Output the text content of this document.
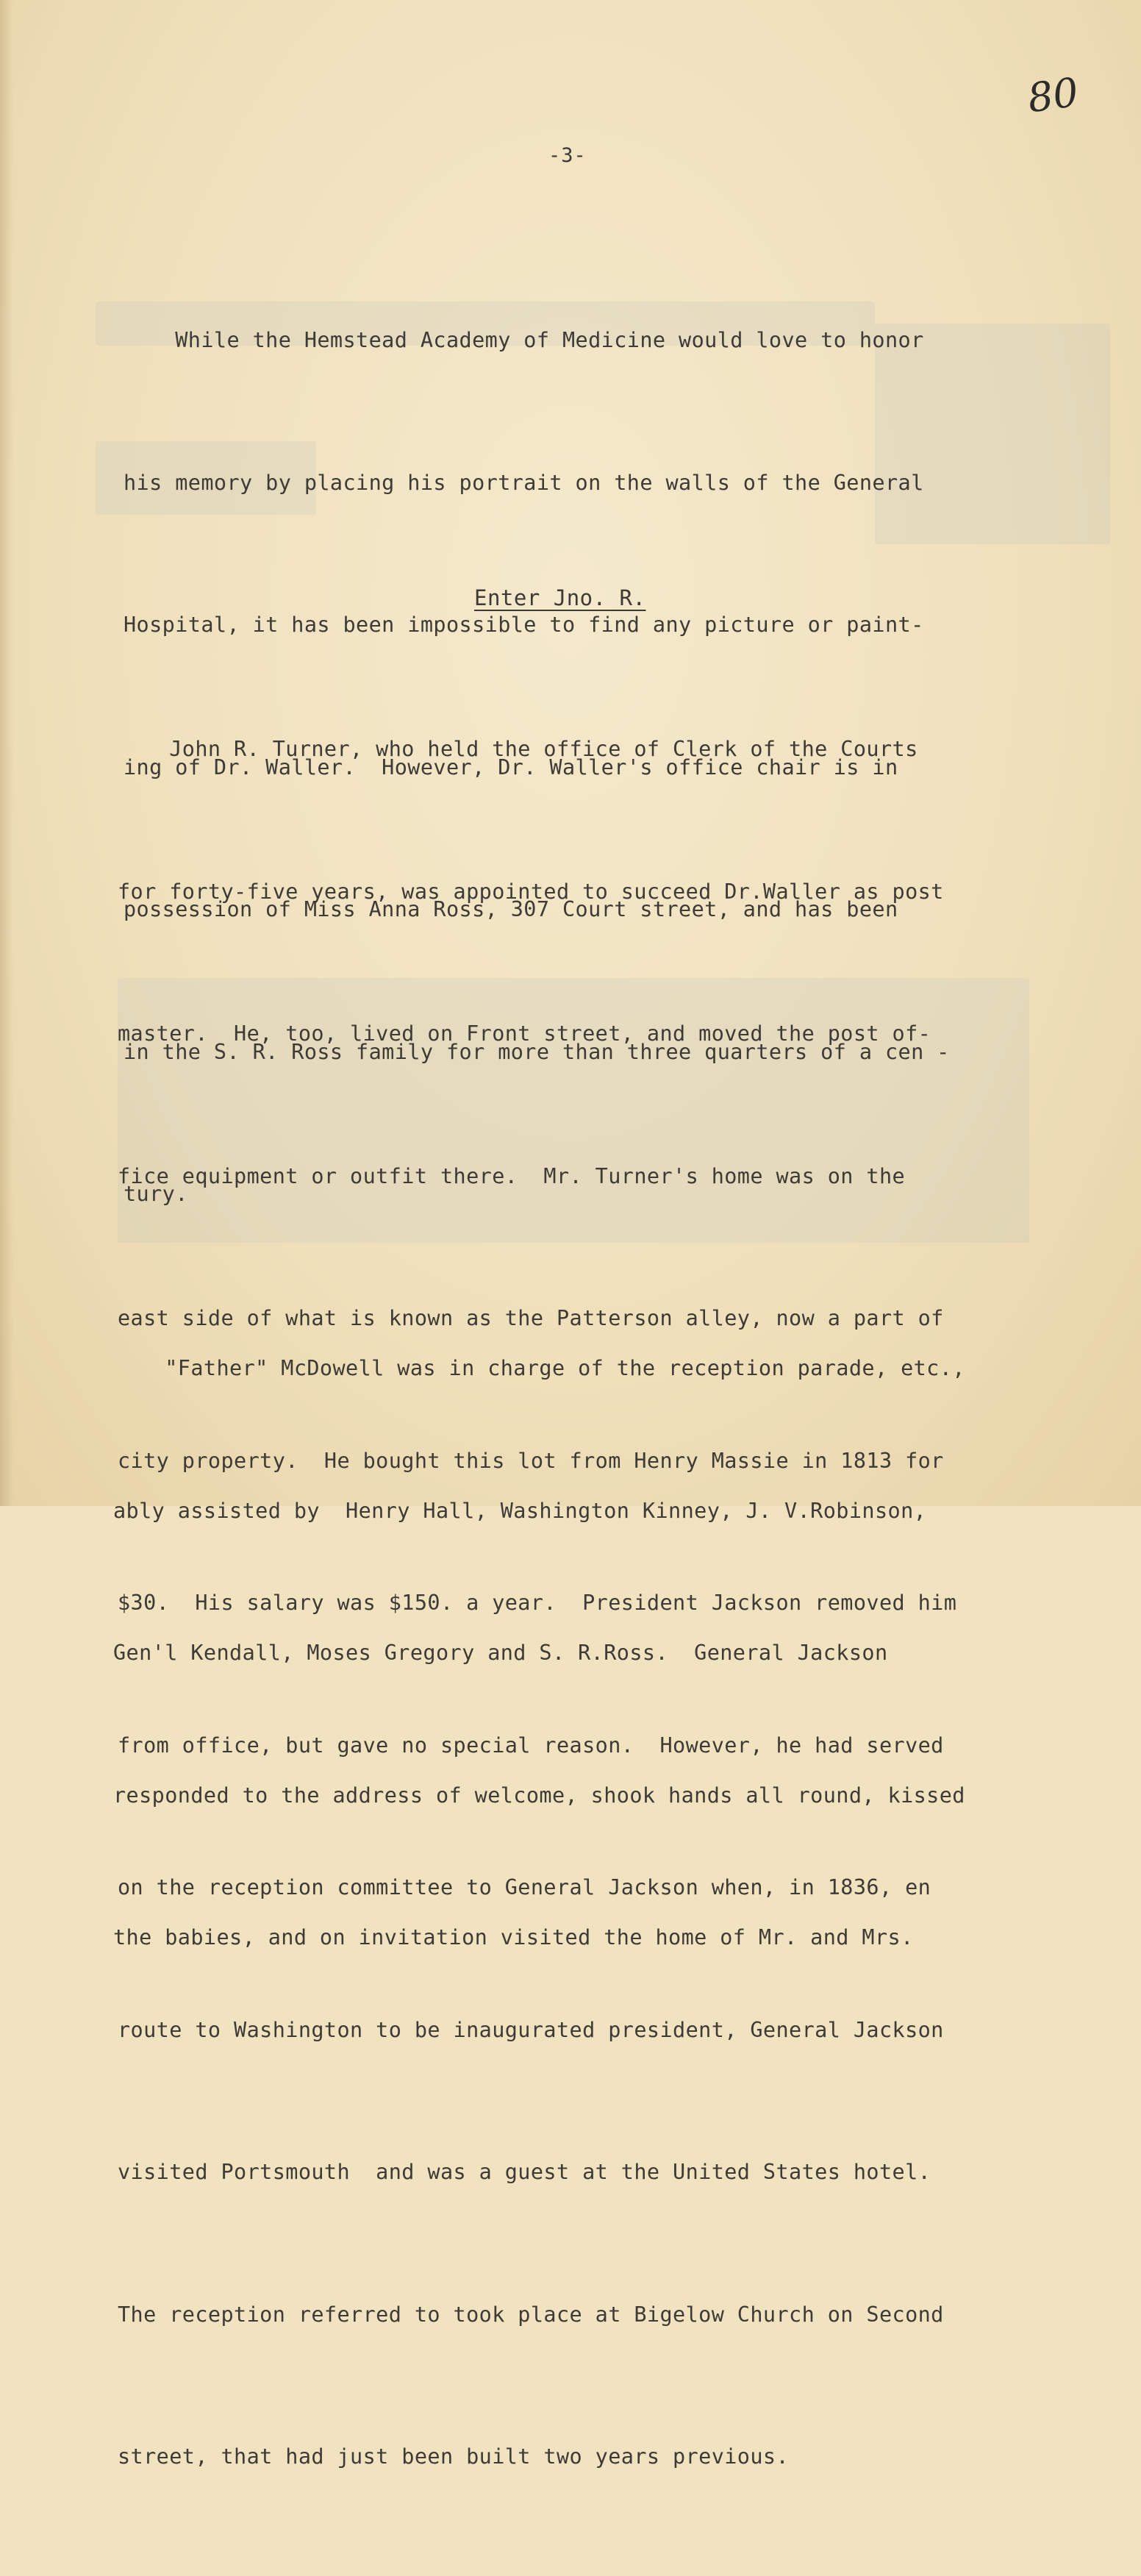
80
-3-

While the Hemstead Academy of Medicine would love to honor

his memory by placing his portrait on the walls of the General

Hospital, it has been impossible to find any picture or paint-

ing of Dr. Waller.  However, Dr. Waller's office chair is in

possession of Miss Anna Ross, 307 Court street, and has been

in the S. R. Ross family for more than three quarters of a cen -

tury.

Enter Jno. R.

John R. Turner, who held the office of Clerk of the Courts

for forty-five years, was appointed to succeed Dr.Waller as post

master.  He, too, lived on Front street, and moved the post of-

fice equipment or outfit there.  Mr. Turner's home was on the

east side of what is known as the Patterson alley, now a part of

city property.  He bought this lot from Henry Massie in 1813 for

$30.  His salary was $150. a year.  President Jackson removed him

from office, but gave no special reason.  However, he had served

on the reception committee to General Jackson when, in 1836, en

route to Washington to be inaugurated president, General Jackson

visited Portsmouth  and was a guest at the United States hotel.

The reception referred to took place at Bigelow Church on Second

street, that had just been built two years previous.

"Father" McDowell was in charge of the reception parade, etc.,

ably assisted by  Henry Hall, Washington Kinney, J. V.Robinson,

Gen'l Kendall, Moses Gregory and S. R.Ross.  General Jackson

responded to the address of welcome, shook hands all round, kissed

the babies, and on invitation visited the home of Mr. and Mrs.
